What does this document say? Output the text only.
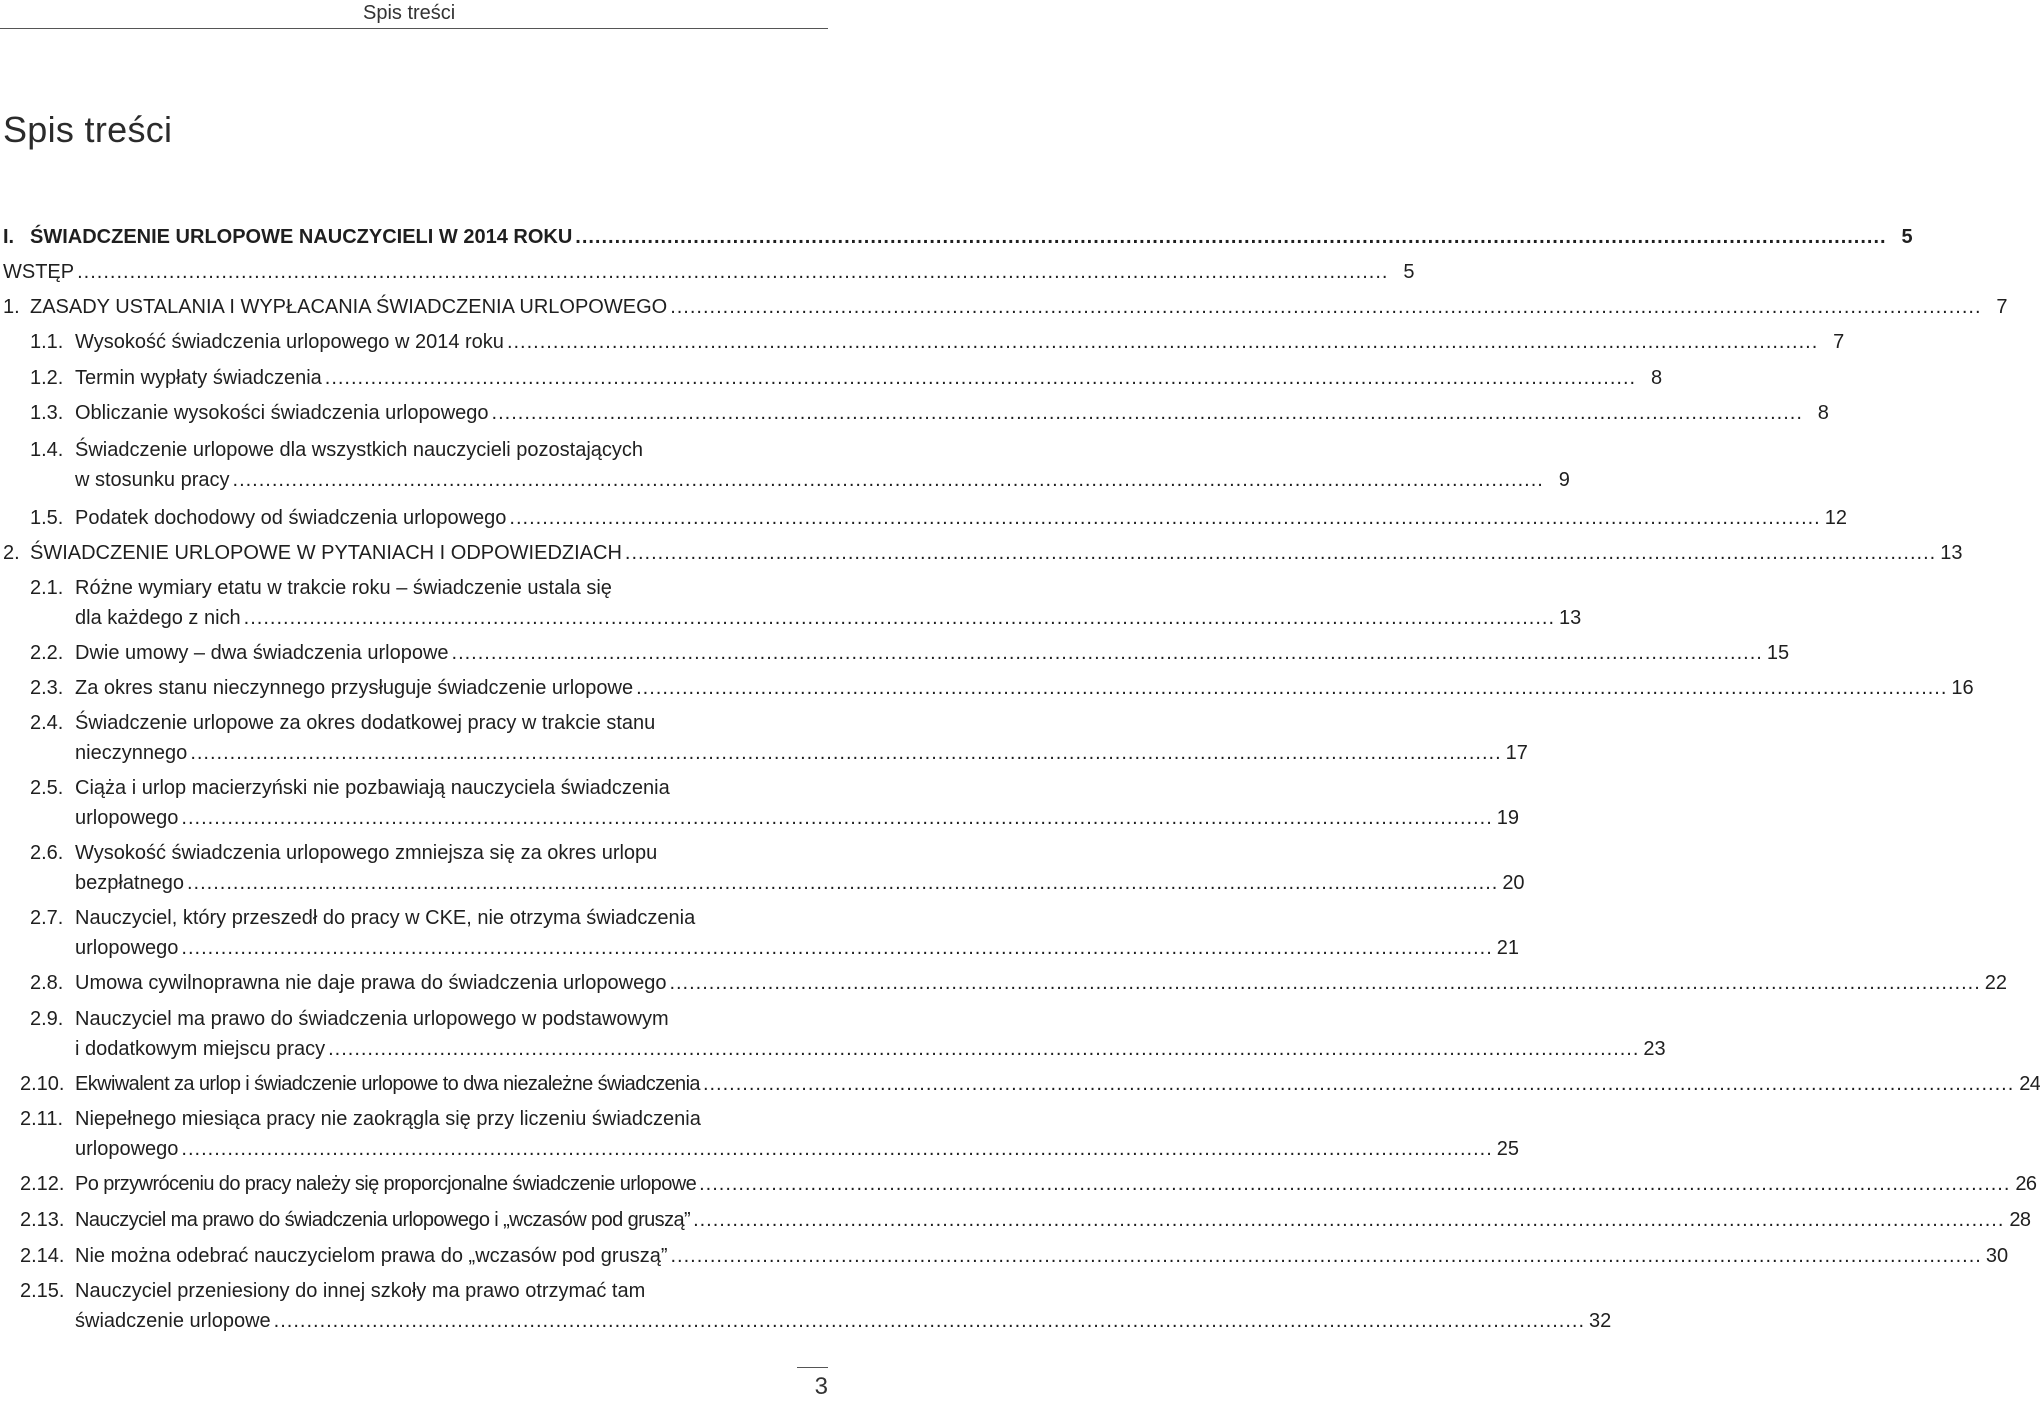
Spis treści
Spis treści
ŚWIADCZENIE URLOPOWE NAUCZYCIELI W 2014 ROKU ........................................................................................................................................................................................................ 5
I.
WSTĘP ........................................................................................................................................................................................................ 5
ZASADY USTALANIA I WYPŁACANIA ŚWIADCZENIA URLOPOWEGO ........................................................................................................................................................................................................ 7
1.
Wysokość świadczenia urlopowego w 2014 roku ........................................................................................................................................................................................................ 7
1.1.
Termin wypłaty świadczenia ........................................................................................................................................................................................................ 8
1.2.
Obliczanie wysokości świadczenia urlopowego ........................................................................................................................................................................................................ 8
1.3.
Świadczenie urlopowe dla wszystkich nauczycieli pozostających
w stosunku pracy ........................................................................................................................................................................................................ 9
1.4.
Podatek dochodowy od świadczenia urlopowego ........................................................................................................................................................................................................ 12
1.5.
ŚWIADCZENIE URLOPOWE W PYTANIACH I ODPOWIEDZIACH ........................................................................................................................................................................................................ 13
2.
Różne wymiary etatu w trakcie roku – świadczenie ustala się
dla każdego z nich ........................................................................................................................................................................................................ 13
2.1.
Dwie umowy – dwa świadczenia urlopowe ........................................................................................................................................................................................................ 15
2.2.
Za okres stanu nieczynnego przysługuje świadczenie urlopowe ........................................................................................................................................................................................................ 16
2.3.
Świadczenie urlopowe za okres dodatkowej pracy w trakcie stanu
nieczynnego ........................................................................................................................................................................................................ 17
2.4.
Ciąża i urlop macierzyński nie pozbawiają nauczyciela świadczenia
urlopowego ........................................................................................................................................................................................................ 19
2.5.
Wysokość świadczenia urlopowego zmniejsza się za okres urlopu
bezpłatnego ........................................................................................................................................................................................................ 20
2.6.
Nauczyciel, który przeszedł do pracy w CKE, nie otrzyma świadczenia
urlopowego ........................................................................................................................................................................................................ 21
2.7.
Umowa cywilnoprawna nie daje prawa do świadczenia urlopowego ........................................................................................................................................................................................................ 22
2.8.
Nauczyciel ma prawo do świadczenia urlopowego w podstawowym
i dodatkowym miejscu pracy ........................................................................................................................................................................................................ 23
2.9.
Ekwiwalent za urlop i świadczenie urlopowe to dwa niezależne świadczenia ........................................................................................................................................................................................................ 24
2.10.
Niepełnego miesiąca pracy nie zaokrągla się przy liczeniu świadczenia
urlopowego ........................................................................................................................................................................................................ 25
2.11.
Po przywróceniu do pracy należy się proporcjonalne świadczenie urlopowe ........................................................................................................................................................................................................ 26
2.12.
Nauczyciel ma prawo do świadczenia urlopowego i „wczasów pod gruszą” ........................................................................................................................................................................................................ 28
2.13.
Nie można odebrać nauczycielom prawa do „wczasów pod gruszą” ........................................................................................................................................................................................................ 30
2.14.
Nauczyciel przeniesiony do innej szkoły ma prawo otrzymać tam
świadczenie urlopowe ........................................................................................................................................................................................................ 32
2.15.
3
